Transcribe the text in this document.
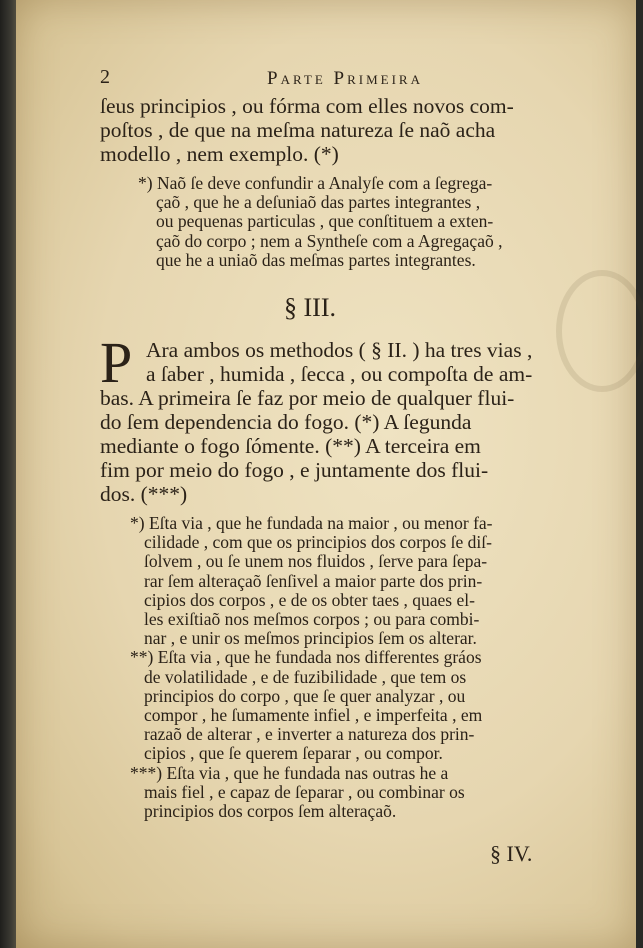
2	Parte Primeira
ſeus principios , ou fórma com elles novos com-
poſtos , de que na meſma natureza ſe naõ acha
modello , nem exemplo. (*)
*) Naõ ſe deve confundir a Analyſe com a ſegrega-
çaõ , que he a deſuniaõ das partes integrantes ,
ou pequenas particulas , que conſtituem a exten-
çaõ do corpo ; nem a Syntheſe com a Agregaçaõ ,
que he a uniaõ das meſmas partes integrantes.
§ III.
P Ara ambos os methodos ( § II. ) ha tres vias ,
a ſaber , humida , ſecca , ou compoſta de am-
bas. A primeira ſe faz por meio de qualquer flui-
do ſem dependencia do fogo. (*) A ſegunda
mediante o fogo ſómente. (**) A terceira em
fim por meio do fogo , e juntamente dos flui-
dos. (***)
*) Eſta via , que he fundada na maior , ou menor fa-
cilidade , com que os principios dos corpos ſe diſ-
ſolvem , ou ſe unem nos fluidos , ſerve para ſepa-
rar ſem alteraçaõ ſenſivel a maior parte dos prin-
cipios dos corpos , e de os obter taes , quaes el-
les exiſtiaõ nos meſmos corpos ; ou para combi-
nar , e unir os meſmos principios ſem os alterar.
**) Eſta via , que he fundada nos differentes gráos
de volatilidade , e de fuzibilidade , que tem os
principios do corpo , que ſe quer analyzar , ou
compor , he ſumamente infiel , e imperfeita , em
razaõ de alterar , e inverter a natureza dos prin-
cipios , que ſe querem ſeparar , ou compor.
***) Eſta via , que he fundada nas outras he a
mais fiel , e capaz de ſeparar , ou combinar os
principios dos corpos ſem alteraçaõ.
§ IV.
